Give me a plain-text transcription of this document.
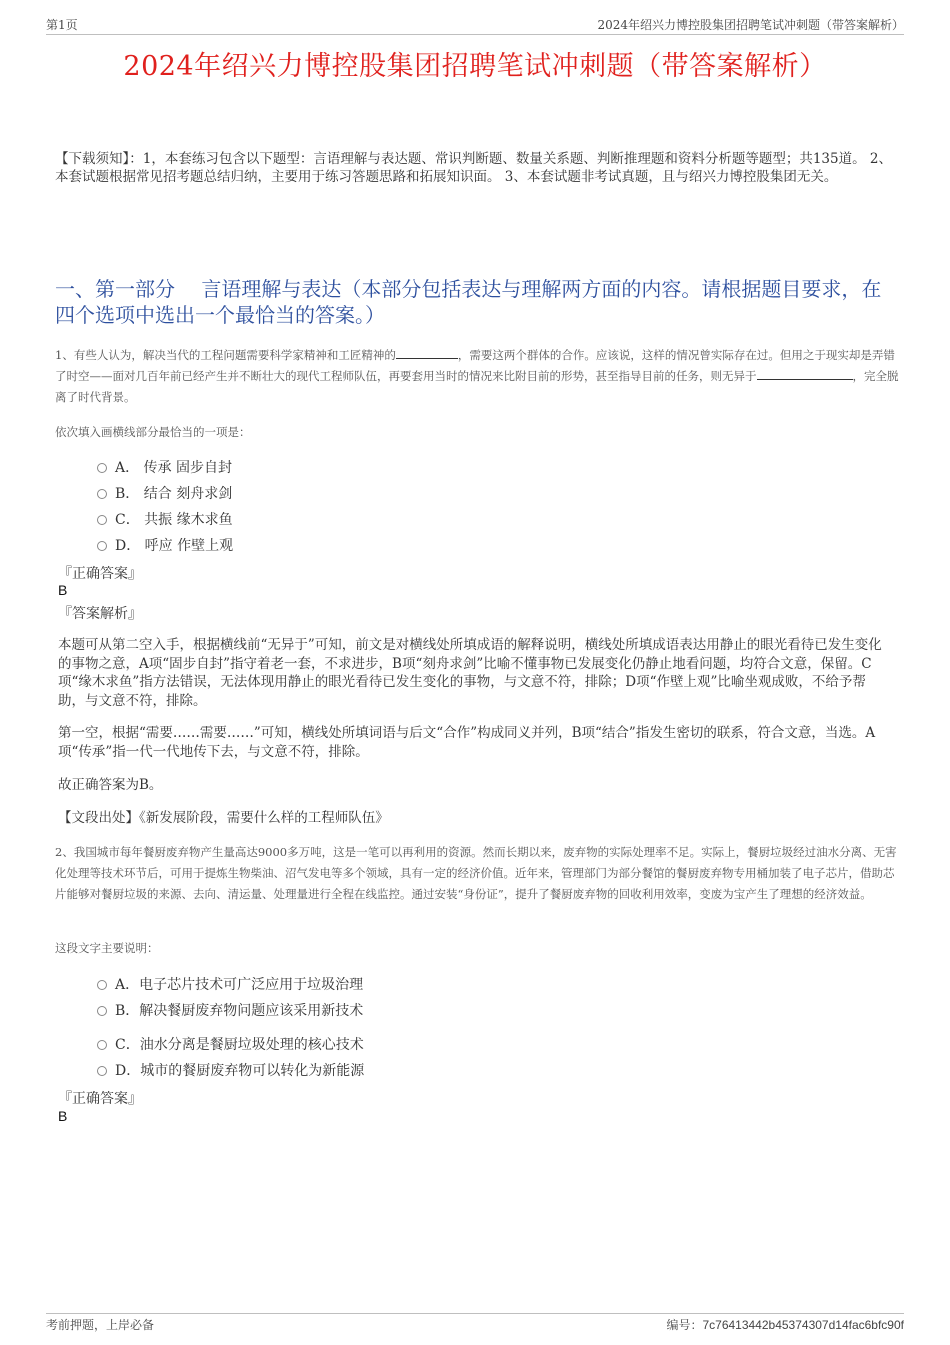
第1页	2024年绍兴力博控股集团招聘笔试冲刺题（带答案解析）
2024年绍兴力博控股集团招聘笔试冲刺题（带答案解析）
【下载须知】：1，本套练习包含以下题型：言语理解与表达题、常识判断题、数量关系题、判断推理题和资料分析题等题型；共135道。 2、本套试题根据常见招考题总结归纳，主要用于练习答题思路和拓展知识面。 3、本套试题非考试真题，且与绍兴力博控股集团无关。
一、第一部分　 言语理解与表达（本部分包括表达与理解两方面的内容。请根据题目要求，在四个选项中选出一个最恰当的答案。）
1、有些人认为，解决当代的工程问题需要科学家精神和工匠精神的	，需要这两个群体的合作。应该说，这样的情况曾实际存在过。但用之于现实却是弄错了时空——面对几百年前已经产生并不断壮大的现代工程师队伍，再要套用当时的情况来比附目前的形势，甚至指导目前的任务，则无异于	，完全脱离了时代背景。
依次填入画横线部分最恰当的一项是：
A． 传承 固步自封
B． 结合 刻舟求剑
C． 共振 缘木求鱼
D． 呼应 作壁上观
『正确答案』
B
『答案解析』
本题可从第二空入手，根据横线前“无异于”可知，前文是对横线处所填成语的解释说明，横线处所填成语表达用静止的眼光看待已发生变化的事物之意，A项“固步自封”指守着老一套，不求进步，B项“刻舟求剑”比喻不懂事物已发展变化仍静止地看问题，均符合文意，保留。C项“缘木求鱼”指方法错误，无法体现用静止的眼光看待已发生变化的事物，与文意不符，排除；D项“作壁上观”比喻坐观成败，不给予帮助，与文意不符，排除。
第一空，根据“需要……需要……”可知，横线处所填词语与后文“合作”构成同义并列，B项“结合”指发生密切的联系，符合文意，当选。A项“传承”指一代一代地传下去，与文意不符，排除。
故正确答案为B。
【文段出处】《新发展阶段，需要什么样的工程师队伍》
2、我国城市每年餐厨废弃物产生量高达9000多万吨，这是一笔可以再利用的资源。然而长期以来，废弃物的实际处理率不足。实际上，餐厨垃圾经过油水分离、无害化处理等技术环节后，可用于提炼生物柴油、沼气发电等多个领域，具有一定的经济价值。近年来，管理部门为部分餐馆的餐厨废弃物专用桶加装了电子芯片，借助芯片能够对餐厨垃圾的来源、去向、清运量、处理量进行全程在线监控。通过安装“身份证”，提升了餐厨废弃物的回收利用效率，变废为宝产生了理想的经济效益。
这段文字主要说明：
A．电子芯片技术可广泛应用于垃圾治理
B．解决餐厨废弃物问题应该采用新技术
C．油水分离是餐厨垃圾处理的核心技术
D．城市的餐厨废弃物可以转化为新能源
『正确答案』
B
考前押题，上岸必备	编号：7c76413442b45374307d14fac6bfc90f
